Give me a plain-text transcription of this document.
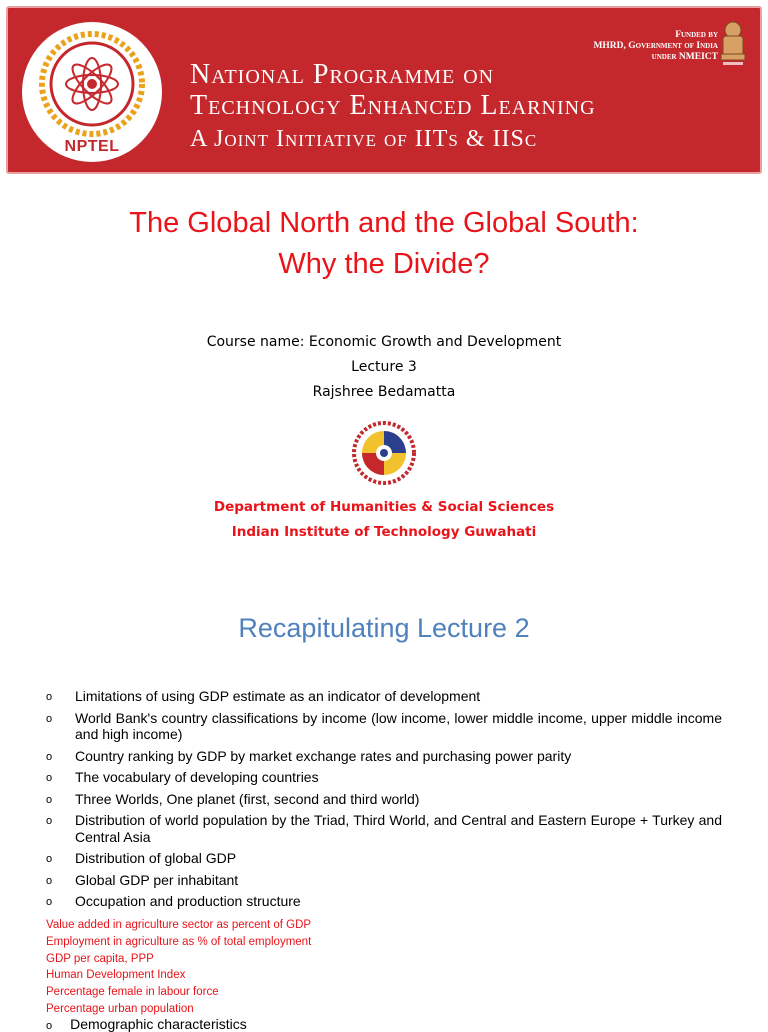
NPTEL
National Programme on
Technology Enhanced Learning
A Joint Initiative of IITs & IISc
Funded by
MHRD, Government of India
under NMEICT
The Global North and the Global South:
Why the Divide?
Course name: Economic Growth and Development
Lecture 3
Rajshree Bedamatta
Department of Humanities & Social Sciences
Indian Institute of Technology Guwahati
Recapitulating Lecture 2
o Limitations of using GDP estimate as an indicator of development
o World Bank's country classifications by income (low income, lower middle income, upper middle income and high income)
o Country ranking by GDP by market exchange rates and purchasing power parity
o The vocabulary of developing countries
o Three Worlds, One planet (first, second and third world)
o Distribution of world population by the Triad, Third World, and Central and Eastern Europe + Turkey and Central Asia
o Distribution of global GDP
o Global GDP per inhabitant
o Occupation and production structure
Value added in agriculture sector as percent of GDP
Employment in agriculture as % of total employment
GDP per capita, PPP
Human Development Index
Percentage female in labour force
Percentage urban population
o Demographic characteristics
